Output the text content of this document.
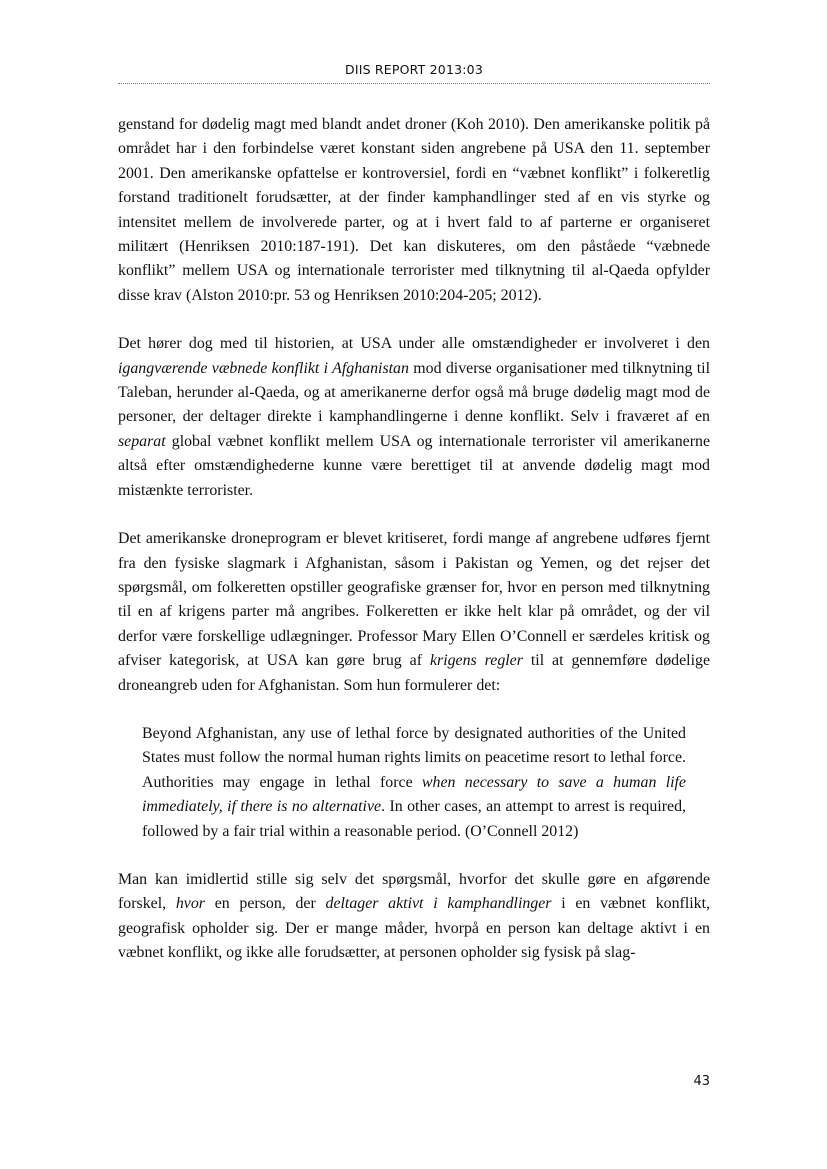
DIIS REPORT 2013:03

genstand for dødelig magt med blandt andet droner (Koh 2010). Den amerikanske politik på området har i den forbindelse været konstant siden angrebene på USA den 11. september 2001. Den amerikanske opfattelse er kontroversiel, fordi en “væbnet konflikt” i folkeretlig forstand traditionelt forudsætter, at der finder kamphandlinger sted af en vis styrke og intensitet mellem de involverede parter, og at i hvert fald to af parterne er organiseret militært (Henriksen 2010:187-191). Det kan diskuteres, om den påståede “væbnede konflikt” mellem USA og internationale terrorister med tilknytning til al-Qaeda opfylder disse krav (Alston 2010:pr. 53 og Henriksen 2010:204-205; 2012).

Det hører dog med til historien, at USA under alle omstændigheder er involveret i den igangværende væbnede konflikt i Afghanistan mod diverse organisationer med tilknytning til Taleban, herunder al-Qaeda, og at amerikanerne derfor også må bruge dødelig magt mod de personer, der deltager direkte i kamphandlingerne i denne konflikt. Selv i fraværet af en separat global væbnet konflikt mellem USA og internationale terrorister vil amerikanerne altså efter omstændighederne kunne være berettiget til at anvende dødelig magt mod mistænkte terrorister.

Det amerikanske droneprogram er blevet kritiseret, fordi mange af angrebene udføres fjernt fra den fysiske slagmark i Afghanistan, såsom i Pakistan og Yemen, og det rejser det spørgsmål, om folkeretten opstiller geografiske grænser for, hvor en person med tilknytning til en af krigens parter må angribes. Folkeretten er ikke helt klar på området, og der vil derfor være forskellige udlægninger. Professor Mary Ellen O’Connell er særdeles kritisk og afviser kategorisk, at USA kan gøre brug af krigens regler til at gennemføre dødelige droneangreb uden for Afghanistan. Som hun formulerer det:

Beyond Afghanistan, any use of lethal force by designated authorities of the United States must follow the normal human rights limits on peacetime resort to lethal force. Authorities may engage in lethal force when necessary to save a human life immediately, if there is no alternative. In other cases, an attempt to arrest is required, followed by a fair trial within a reasonable period. (O’Connell 2012)

Man kan imidlertid stille sig selv det spørgsmål, hvorfor det skulle gøre en afgørende forskel, hvor en person, der deltager aktivt i kamphandlinger i en væbnet konflikt, geografisk opholder sig. Der er mange måder, hvorpå en person kan deltage aktivt i en væbnet konflikt, og ikke alle forudsætter, at personen opholder sig fysisk på slag-

43
